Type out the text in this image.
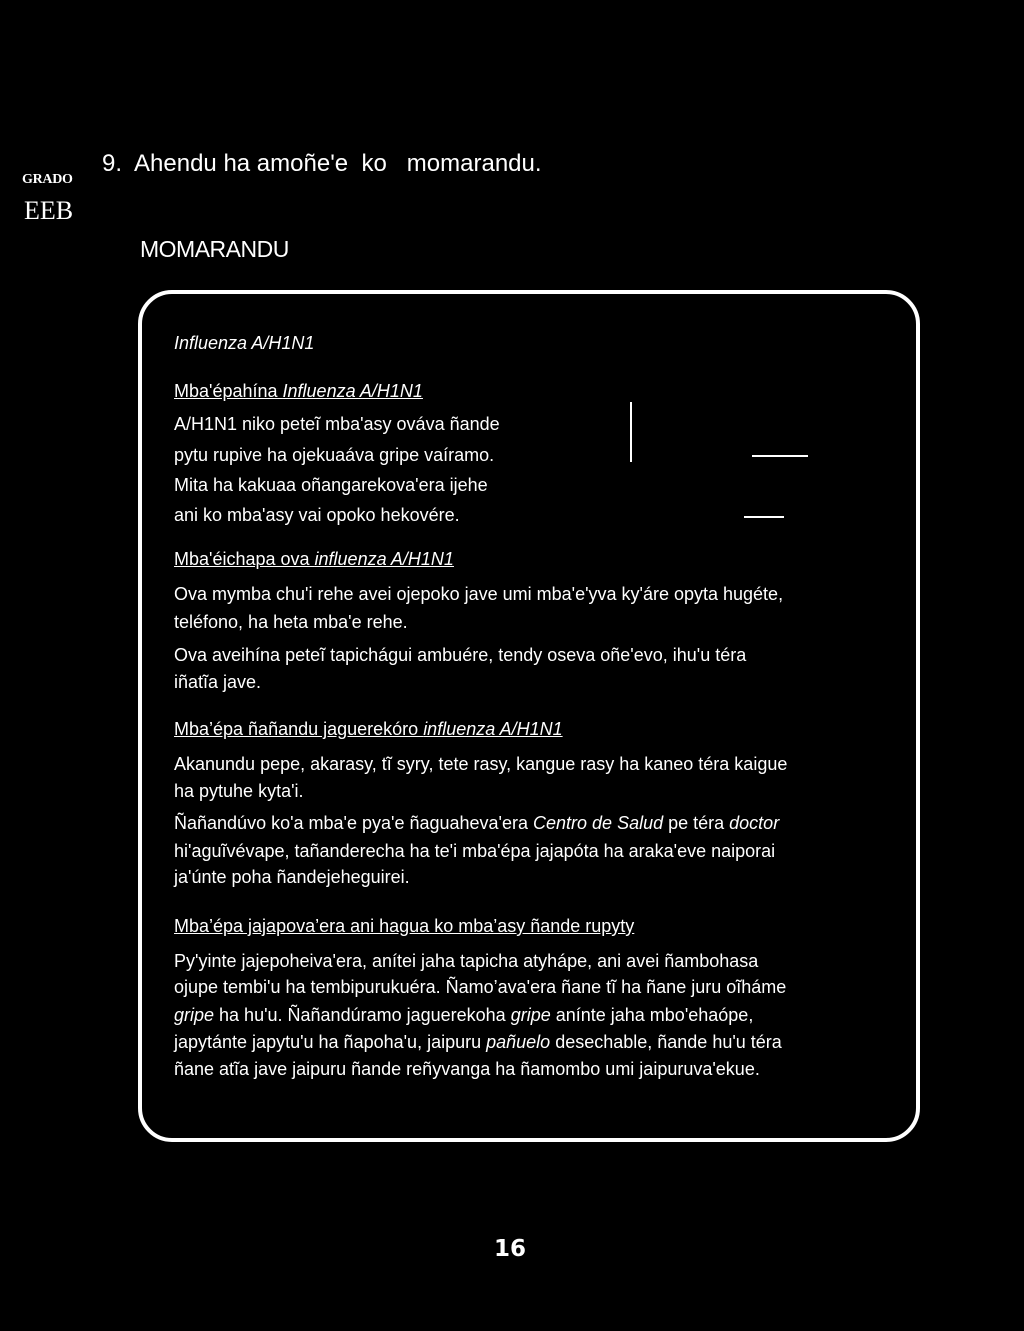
GRADO
EEB
9.  Ahendu ha amoñe'e  ko   momarandu.
MOMARANDU
Influenza A/H1N1
Mba'épahína Influenza A/H1N1
A/H1N1 niko peteĩ mba'asy ováva ñande
pytu rupive ha ojekuaáva gripe vaíramo.
Mita ha kakuaa oñangarekova'era ijehe
ani ko mba'asy vai opoko hekovére.
Mba'éichapa ova influenza A/H1N1
Ova mymba chu'i rehe avei ojepoko jave umi mba'e'yva ky'áre opyta hugéte,
teléfono, ha heta mba'e rehe.
Ova aveihína peteĩ tapichágui ambuére, tendy oseva oñe'evo, ihu'u téra
iñatĩa jave.
Mba’épa ñañandu jaguerekóro influenza A/H1N1
Akanundu pepe, akarasy, tĩ syry, tete rasy, kangue rasy ha kaneo téra kaigue
ha pytuhe kyta'i.
Ñañandúvo ko'a mba'e pya'e ñaguaheva'era Centro de Salud pe téra doctor
hi'aguĩvévape, tañanderecha ha te'i mba'épa jajapóta ha araka'eve naiporai
ja'únte poha ñandejeheguirei.
Mba’épa jajapova’era ani hagua ko mba’asy ñande rupyty
Py'yinte jajepoheiva'era, anítei jaha tapicha atyhápe, ani avei ñambohasa
ojupe tembi'u ha tembipurukuéra. Ñamo’ava'era ñane tĩ ha ñane juru oĩháme
gripe ha hu'u. Ñañandúramo jaguerekoha gripe anínte jaha mbo'ehaópe,
japytánte japytu'u ha ñapoha'u, jaipuru pañuelo desechable, ñande hu'u téra
ñane atĩa jave jaipuru ñande reñyvanga ha ñamombo umi jaipuruva'ekue.
16
